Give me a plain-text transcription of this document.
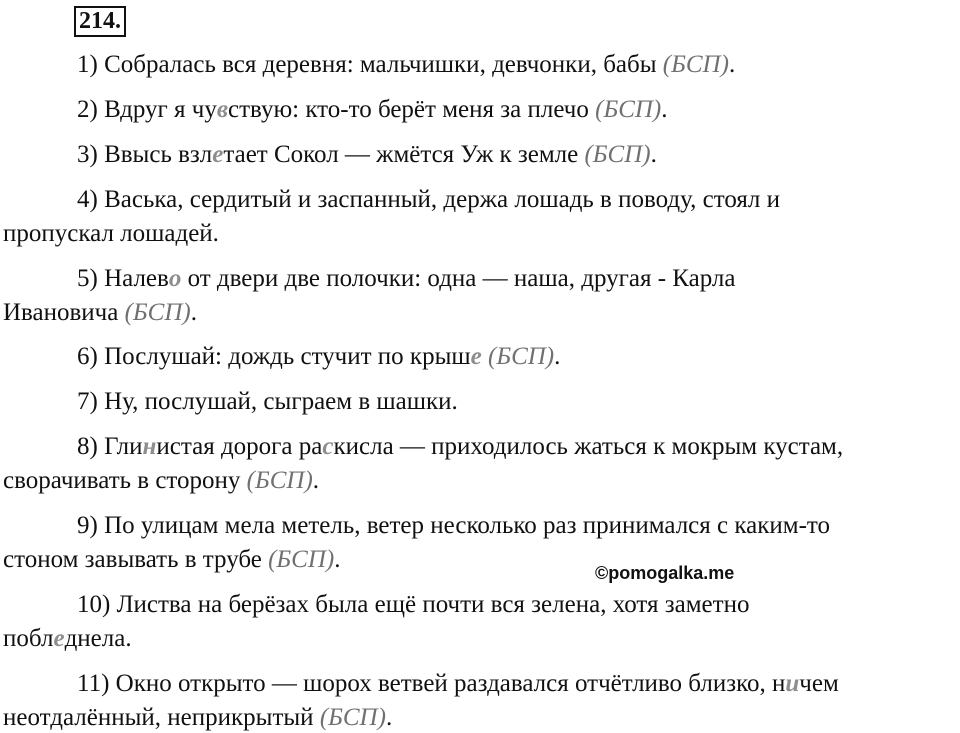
214.
1) Собралась вся деревня: мальчишки, девчонки, бабы (БСП).
2) Вдруг я чувствую: кто-то берёт меня за плечо (БСП).
3) Ввысь взлетает Сокол — жмётся Уж к земле (БСП).
4) Васька, сердитый и заспанный, держа лошадь в поводу, стоял и
пропускал лошадей.
5) Налево от двери две полочки: одна — наша, другая - Карла
Ивановича (БСП).
6) Послушай: дождь стучит по крыше (БСП).
7) Ну, послушай, сыграем в шашки.
8) Глинистая дорога раскисла — приходилось жаться к мокрым кустам,
сворачивать в сторону (БСП).
9) По улицам мела метель, ветер несколько раз принимался с каким-то
стоном завывать в трубе (БСП).
10) Листва на берёзах была ещё почти вся зелена, хотя заметно
побледнела.
11) Окно открыто — шорох ветвей раздавался отчётливо близко, ничем
неотдалённый, неприкрытый (БСП).
©pomogalka.me
